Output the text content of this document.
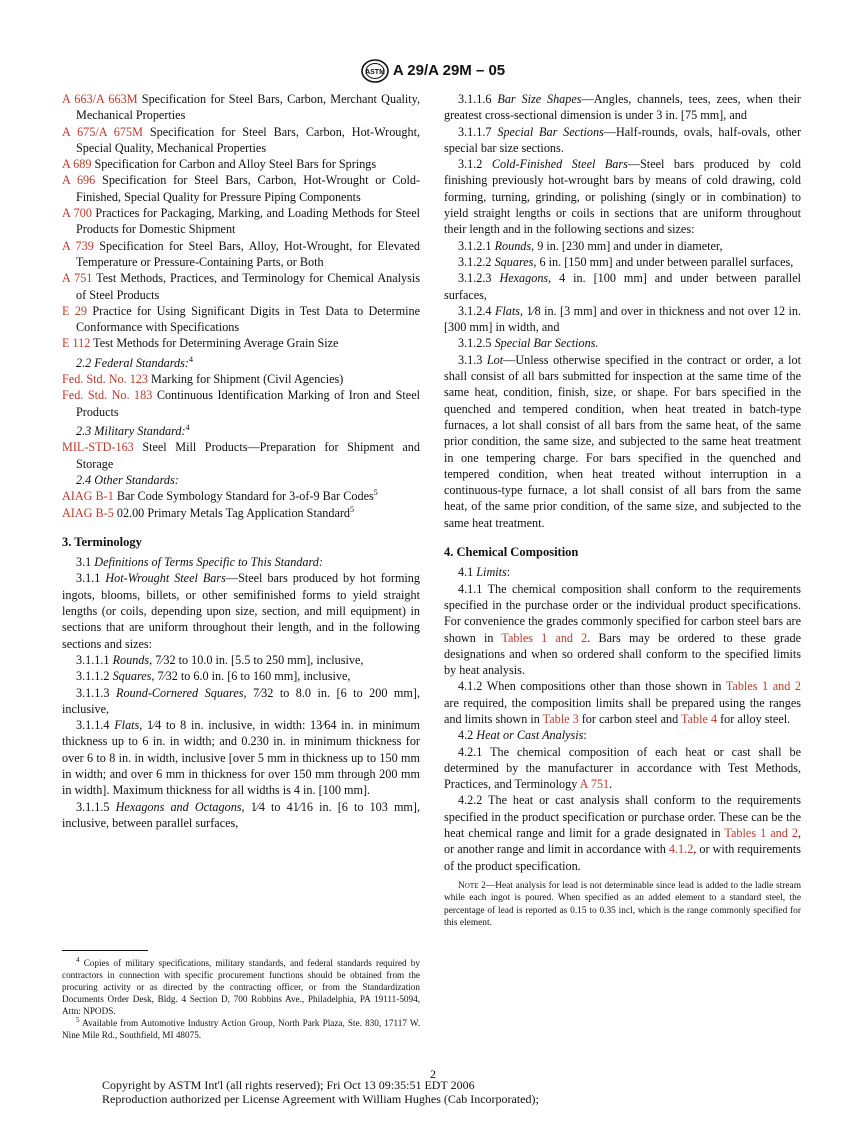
ASTM A 29/A 29M – 05
A 663/A 663M Specification for Steel Bars, Carbon, Merchant Quality, Mechanical Properties
A 675/A 675M Specification for Steel Bars, Carbon, Hot-Wrought, Special Quality, Mechanical Properties
A 689 Specification for Carbon and Alloy Steel Bars for Springs
A 696 Specification for Steel Bars, Carbon, Hot-Wrought or Cold-Finished, Special Quality for Pressure Piping Components
A 700 Practices for Packaging, Marking, and Loading Methods for Steel Products for Domestic Shipment
A 739 Specification for Steel Bars, Alloy, Hot-Wrought, for Elevated Temperature or Pressure-Containing Parts, or Both
A 751 Test Methods, Practices, and Terminology for Chemical Analysis of Steel Products
E 29 Practice for Using Significant Digits in Test Data to Determine Conformance with Specifications
E 112 Test Methods for Determining Average Grain Size
2.2 Federal Standards:$^4$
Fed. Std. No. 123 Marking for Shipment (Civil Agencies)
Fed. Std. No. 183 Continuous Identification Marking of Iron and Steel Products
2.3 Military Standard:$^4$
MIL-STD-163 Steel Mill Products—Preparation for Shipment and Storage
2.4 Other Standards:
AIAG B-1 Bar Code Symbology Standard for 3-of-9 Bar Codes$^5$
AIAG B-5 02.00 Primary Metals Tag Application Standard$^5$
3. Terminology
3.1 Definitions of Terms Specific to This Standard:
3.1.1 Hot-Wrought Steel Bars—Steel bars produced by hot forming ingots, blooms, billets, or other semifinished forms to yield straight lengths (or coils, depending upon size, section, and mill equipment) in sections that are uniform throughout their length, and in the following sections and sizes:
3.1.1.1 Rounds, 7⁄32 to 10.0 in. [5.5 to 250 mm], inclusive,
3.1.1.2 Squares, 7⁄32 to 6.0 in. [6 to 160 mm], inclusive,
3.1.1.3 Round-Cornered Squares, 7⁄32 to 8.0 in. [6 to 200 mm], inclusive,
3.1.1.4 Flats, 1⁄4 to 8 in. inclusive, in width: 13⁄64 in. in minimum thickness up to 6 in. in width; and 0.230 in. in minimum thickness for over 6 to 8 in. in width, inclusive [over 5 mm in thickness up to 150 mm in width; and over 6 mm in thickness for over 150 mm through 200 mm in width]. Maximum thickness for all widths is 4 in. [100 mm].
3.1.1.5 Hexagons and Octagons, 1⁄4 to 41⁄16 in. [6 to 103 mm], inclusive, between parallel surfaces,
$^4$ Copies of military specifications, military standards, and federal standards required by contractors in connection with specific procurement functions should be obtained from the procuring activity or as directed by the contracting officer, or from the Standardization Documents Order Desk, Bldg. 4 Section D, 700 Robbins Ave., Philadelphia, PA 19111-5094, Attn: NPODS.
$^5$ Available from Automotive Industry Action Group, North Park Plaza, Ste. 830, 17117 W. Nine Mile Rd., Southfield, MI 48075.
3.1.1.6 Bar Size Shapes—Angles, channels, tees, zees, when their greatest cross-sectional dimension is under 3 in. [75 mm], and
3.1.1.7 Special Bar Sections—Half-rounds, ovals, half-ovals, other special bar size sections.
3.1.2 Cold-Finished Steel Bars—Steel bars produced by cold finishing previously hot-wrought bars by means of cold drawing, cold forming, turning, grinding, or polishing (singly or in combination) to yield straight lengths or coils in sections that are uniform throughout their length and in the following sections and sizes:
3.1.2.1 Rounds, 9 in. [230 mm] and under in diameter,
3.1.2.2 Squares, 6 in. [150 mm] and under between parallel surfaces,
3.1.2.3 Hexagons, 4 in. [100 mm] and under between parallel surfaces,
3.1.2.4 Flats, 1⁄8 in. [3 mm] and over in thickness and not over 12 in. [300 mm] in width, and
3.1.2.5 Special Bar Sections.
3.1.3 Lot—Unless otherwise specified in the contract or order, a lot shall consist of all bars submitted for inspection at the same time of the same heat, condition, finish, size, or shape. For bars specified in the quenched and tempered condition, when heat treated in batch-type furnaces, a lot shall consist of all bars from the same heat, of the same prior condition, the same size, and subjected to the same heat treatment in one tempering charge. For bars specified in the quenched and tempered condition, when heat treated without interruption in a continuous-type furnace, a lot shall consist of all bars from the same heat, of the same prior condition, of the same size, and subjected to the same heat treatment.
4. Chemical Composition
4.1 Limits:
4.1.1 The chemical composition shall conform to the requirements specified in the purchase order or the individual product specifications. For convenience the grades commonly specified for carbon steel bars are shown in Tables 1 and 2. Bars may be ordered to these grade designations and when so ordered shall conform to the specified limits by heat analysis.
4.1.2 When compositions other than those shown in Tables 1 and 2 are required, the composition limits shall be prepared using the ranges and limits shown in Table 3 for carbon steel and Table 4 for alloy steel.
4.2 Heat or Cast Analysis:
4.2.1 The chemical composition of each heat or cast shall be determined by the manufacturer in accordance with Test Methods, Practices, and Terminology A 751.
4.2.2 The heat or cast analysis shall conform to the requirements specified in the product specification or purchase order. These can be the heat chemical range and limit for a grade designated in Tables 1 and 2, or another range and limit in accordance with 4.1.2, or with requirements of the product specification.
Note 2—Heat analysis for lead is not determinable since lead is added to the ladle stream while each ingot is poured. When specified as an added element to a standard steel, the percentage of lead is reported as 0.15 to 0.35 incl, which is the range commonly specified for this element.
2
Copyright by ASTM Int'l (all rights reserved); Fri Oct 13 09:35:51 EDT 2006
Reproduction authorized per License Agreement with William Hughes (Cab Incorporated);
